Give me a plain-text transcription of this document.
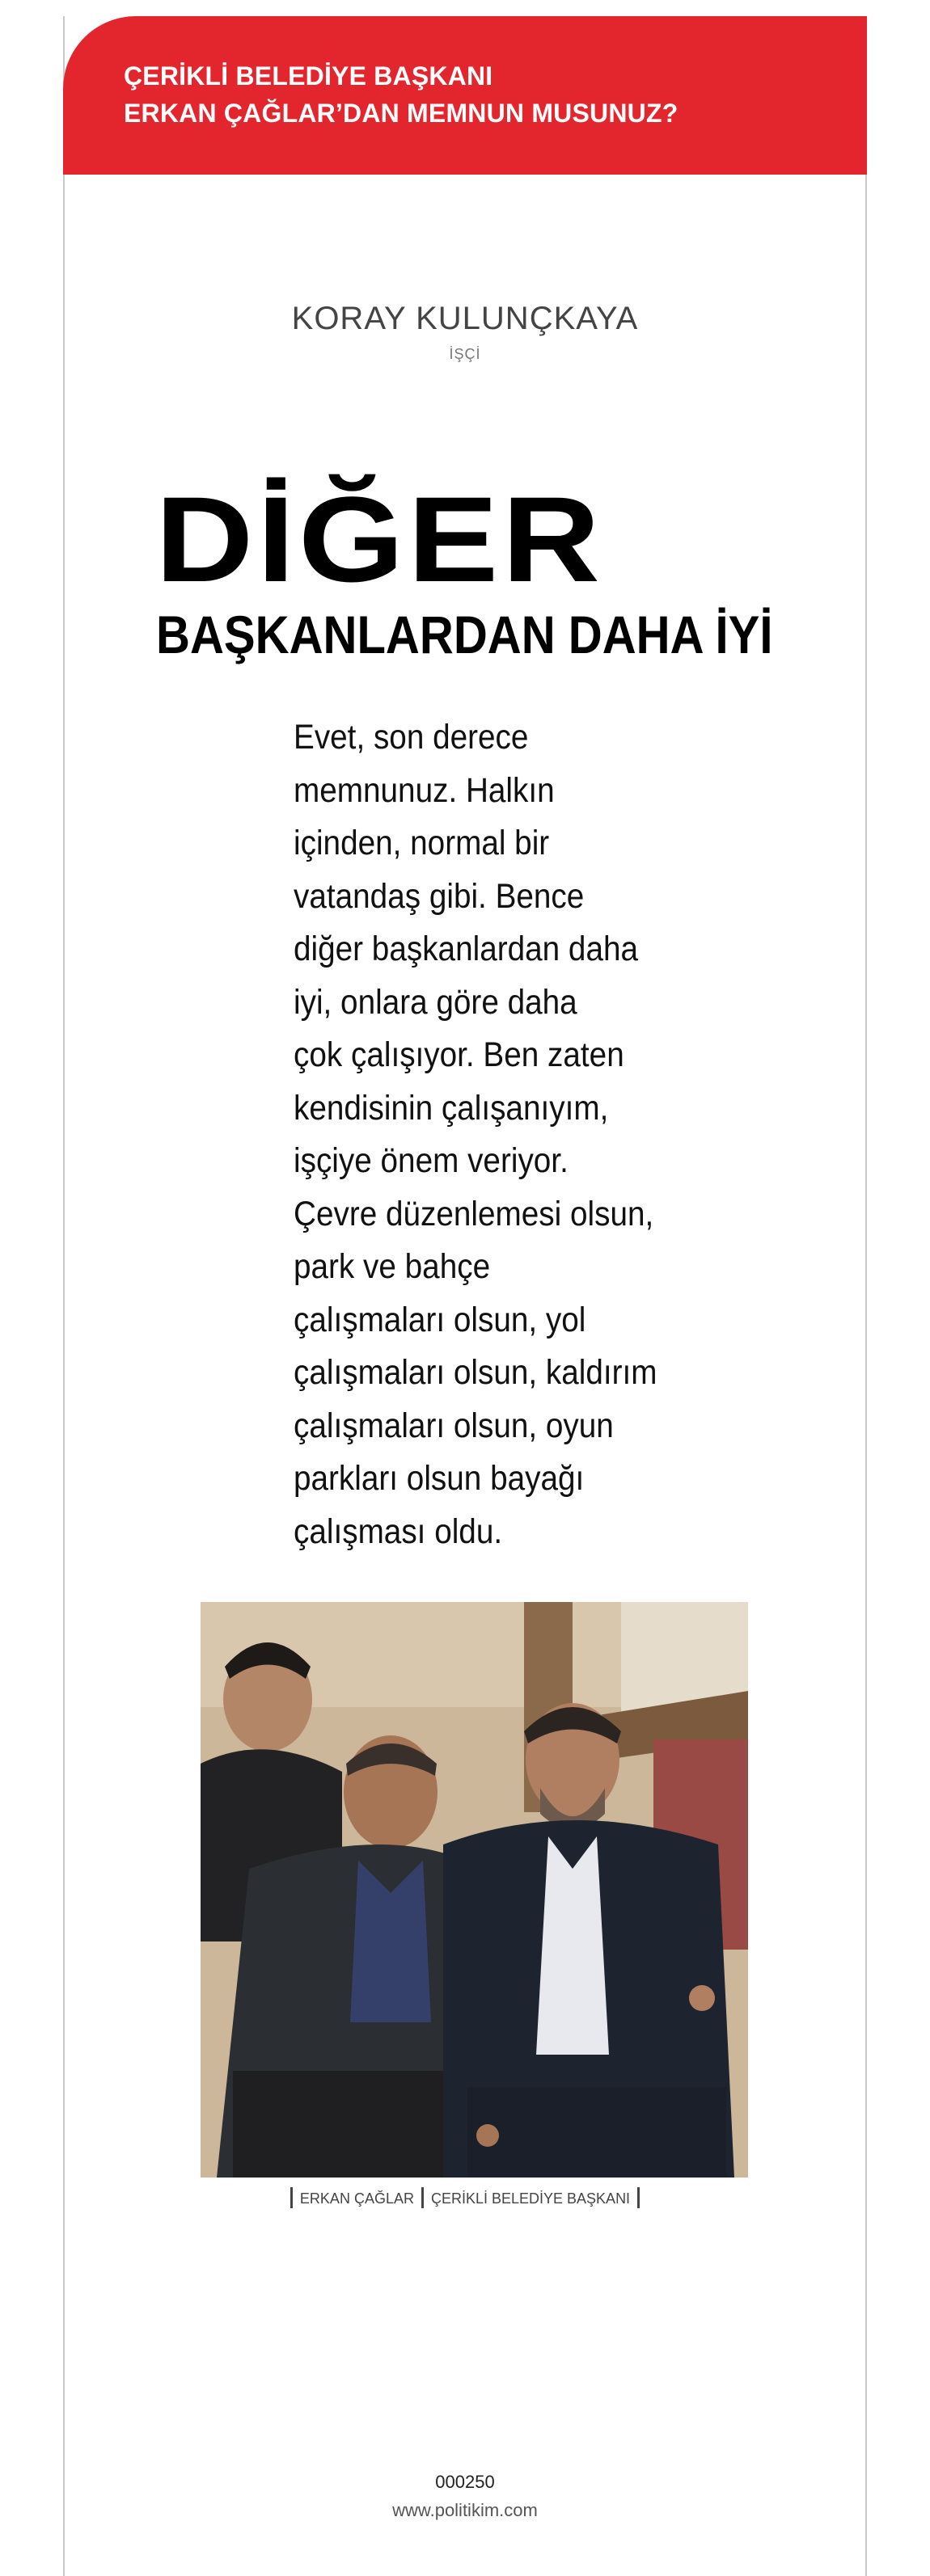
ÇERİKLİ BELEDİYE BAŞKANI
ERKAN ÇAĞLAR’DAN MEMNUN MUSUNUZ?
KORAY KULUNÇKAYA
İŞÇİ
DİĞER
BAŞKANLARDAN DAHA İYİ
Evet, son derece
memnunuz. Halkın
içinden, normal bir
vatandaş gibi. Bence
diğer başkanlardan daha
iyi, onlara göre daha
çok çalışıyor. Ben zaten
kendisinin çalışanıyım,
işçiye önem veriyor.
Çevre düzenlemesi olsun,
park ve bahçe
çalışmaları olsun, yol
çalışmaları olsun, kaldırım
çalışmaları olsun, oyun
parkları olsun bayağı
çalışması oldu.
ERKAN ÇAĞLAR ÇERİKLİ BELEDİYE BAŞKANI
000250
www.politikim.com
